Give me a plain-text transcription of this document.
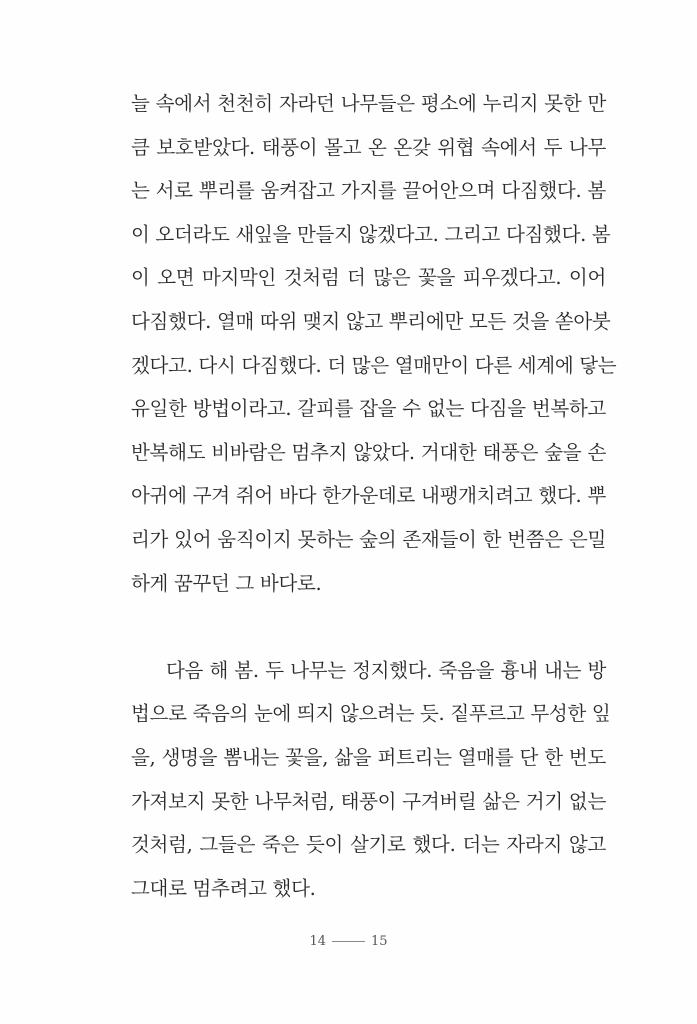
늘 속에서 천천히 자라던 나무들은 평소에 누리지 못한 만
큼 보호받았다. 태풍이 몰고 온 온갖 위협 속에서 두 나무
는 서로 뿌리를 움켜잡고 가지를 끌어안으며 다짐했다. 봄
이 오더라도 새잎을 만들지 않겠다고. 그리고 다짐했다. 봄
이 오면 마지막인 것처럼 더 많은 꽃을 피우겠다고. 이어
다짐했다. 열매 따위 맺지 않고 뿌리에만 모든 것을 쏟아붓
겠다고. 다시 다짐했다. 더 많은 열매만이 다른 세계에 닿는
유일한 방법이라고. 갈피를 잡을 수 없는 다짐을 번복하고
반복해도 비바람은 멈추지 않았다. 거대한 태풍은 숲을 손
아귀에 구겨 쥐어 바다 한가운데로 내팽개치려고 했다. 뿌
리가 있어 움직이지 못하는 숲의 존재들이 한 번쯤은 은밀
하게 꿈꾸던 그 바다로.
다음 해 봄. 두 나무는 정지했다. 죽음을 흉내 내는 방
법으로 죽음의 눈에 띄지 않으려는 듯. 짙푸르고 무성한 잎
을, 생명을 뽐내는 꽃을, 삶을 퍼트리는 열매를 단 한 번도
가져보지 못한 나무처럼, 태풍이 구겨버릴 삶은 거기 없는
것처럼, 그들은 죽은 듯이 살기로 했다. 더는 자라지 않고
그대로 멈추려고 했다.
14	15
